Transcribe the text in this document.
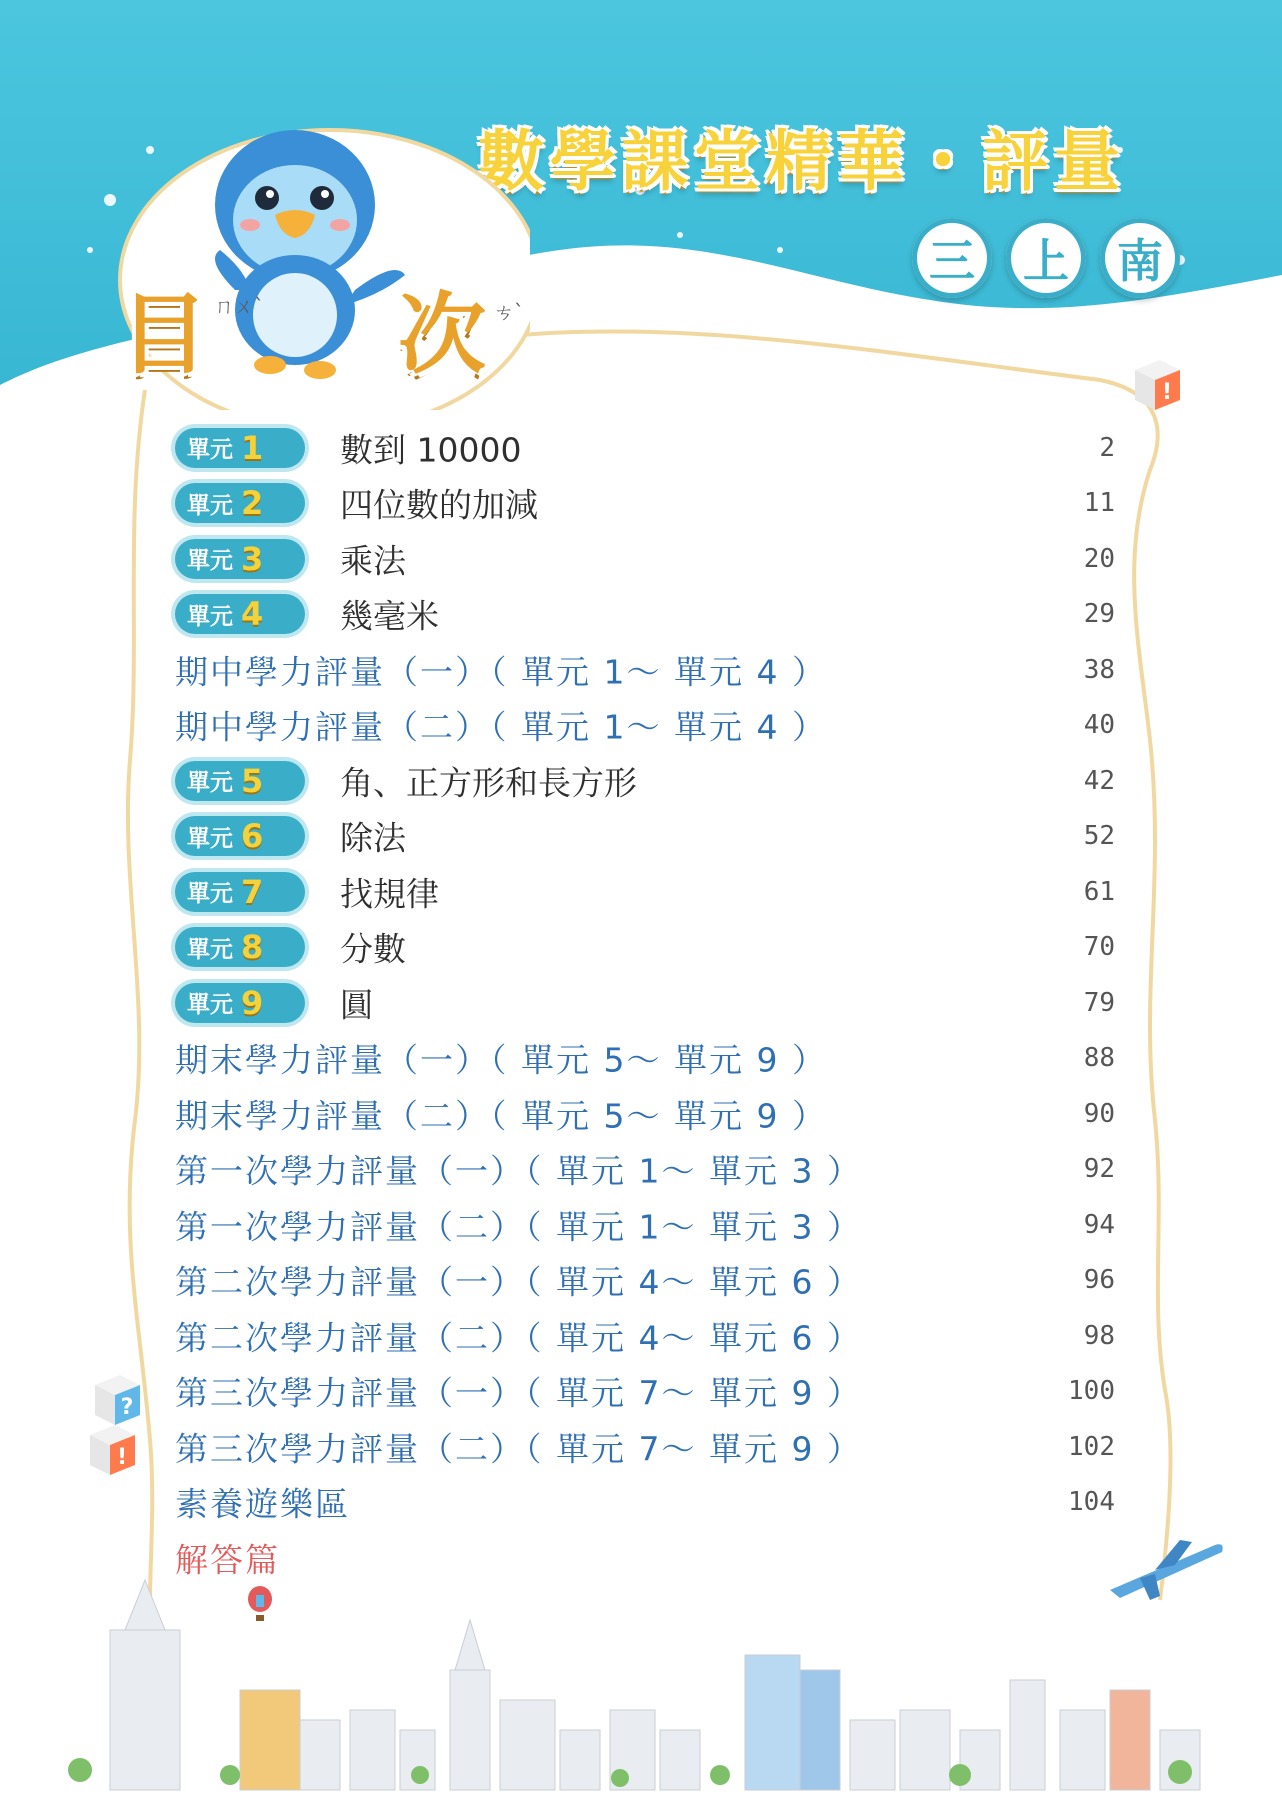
數學課堂精華・評量
三	上	南
目 ㄇㄨˋ 次 ㄘˋ
!
?
!
單元 1 數到 10000	2
單元 2 四位數的加減	11
單元 3 乘法	20
單元 4 幾毫米	29
期中學力評量（一）（ 單元 1～ 單元 4 ）	38
期中學力評量（二）（ 單元 1～ 單元 4 ）	40
單元 5 角、正方形和長方形	42
單元 6 除法	52
單元 7 找規律	61
單元 8 分數	70
單元 9 圓	79
期末學力評量（一）（ 單元 5～ 單元 9 ）	88
期末學力評量（二）（ 單元 5～ 單元 9 ）	90
第一次學力評量（一）（ 單元 1～ 單元 3 ）	92
第一次學力評量（二）（ 單元 1～ 單元 3 ）	94
第二次學力評量（一）（ 單元 4～ 單元 6 ）	96
第二次學力評量（二）（ 單元 4～ 單元 6 ）	98
第三次學力評量（一）（ 單元 7～ 單元 9 ）	100
第三次學力評量（二）（ 單元 7～ 單元 9 ）	102
素養遊樂區	104
解答篇
